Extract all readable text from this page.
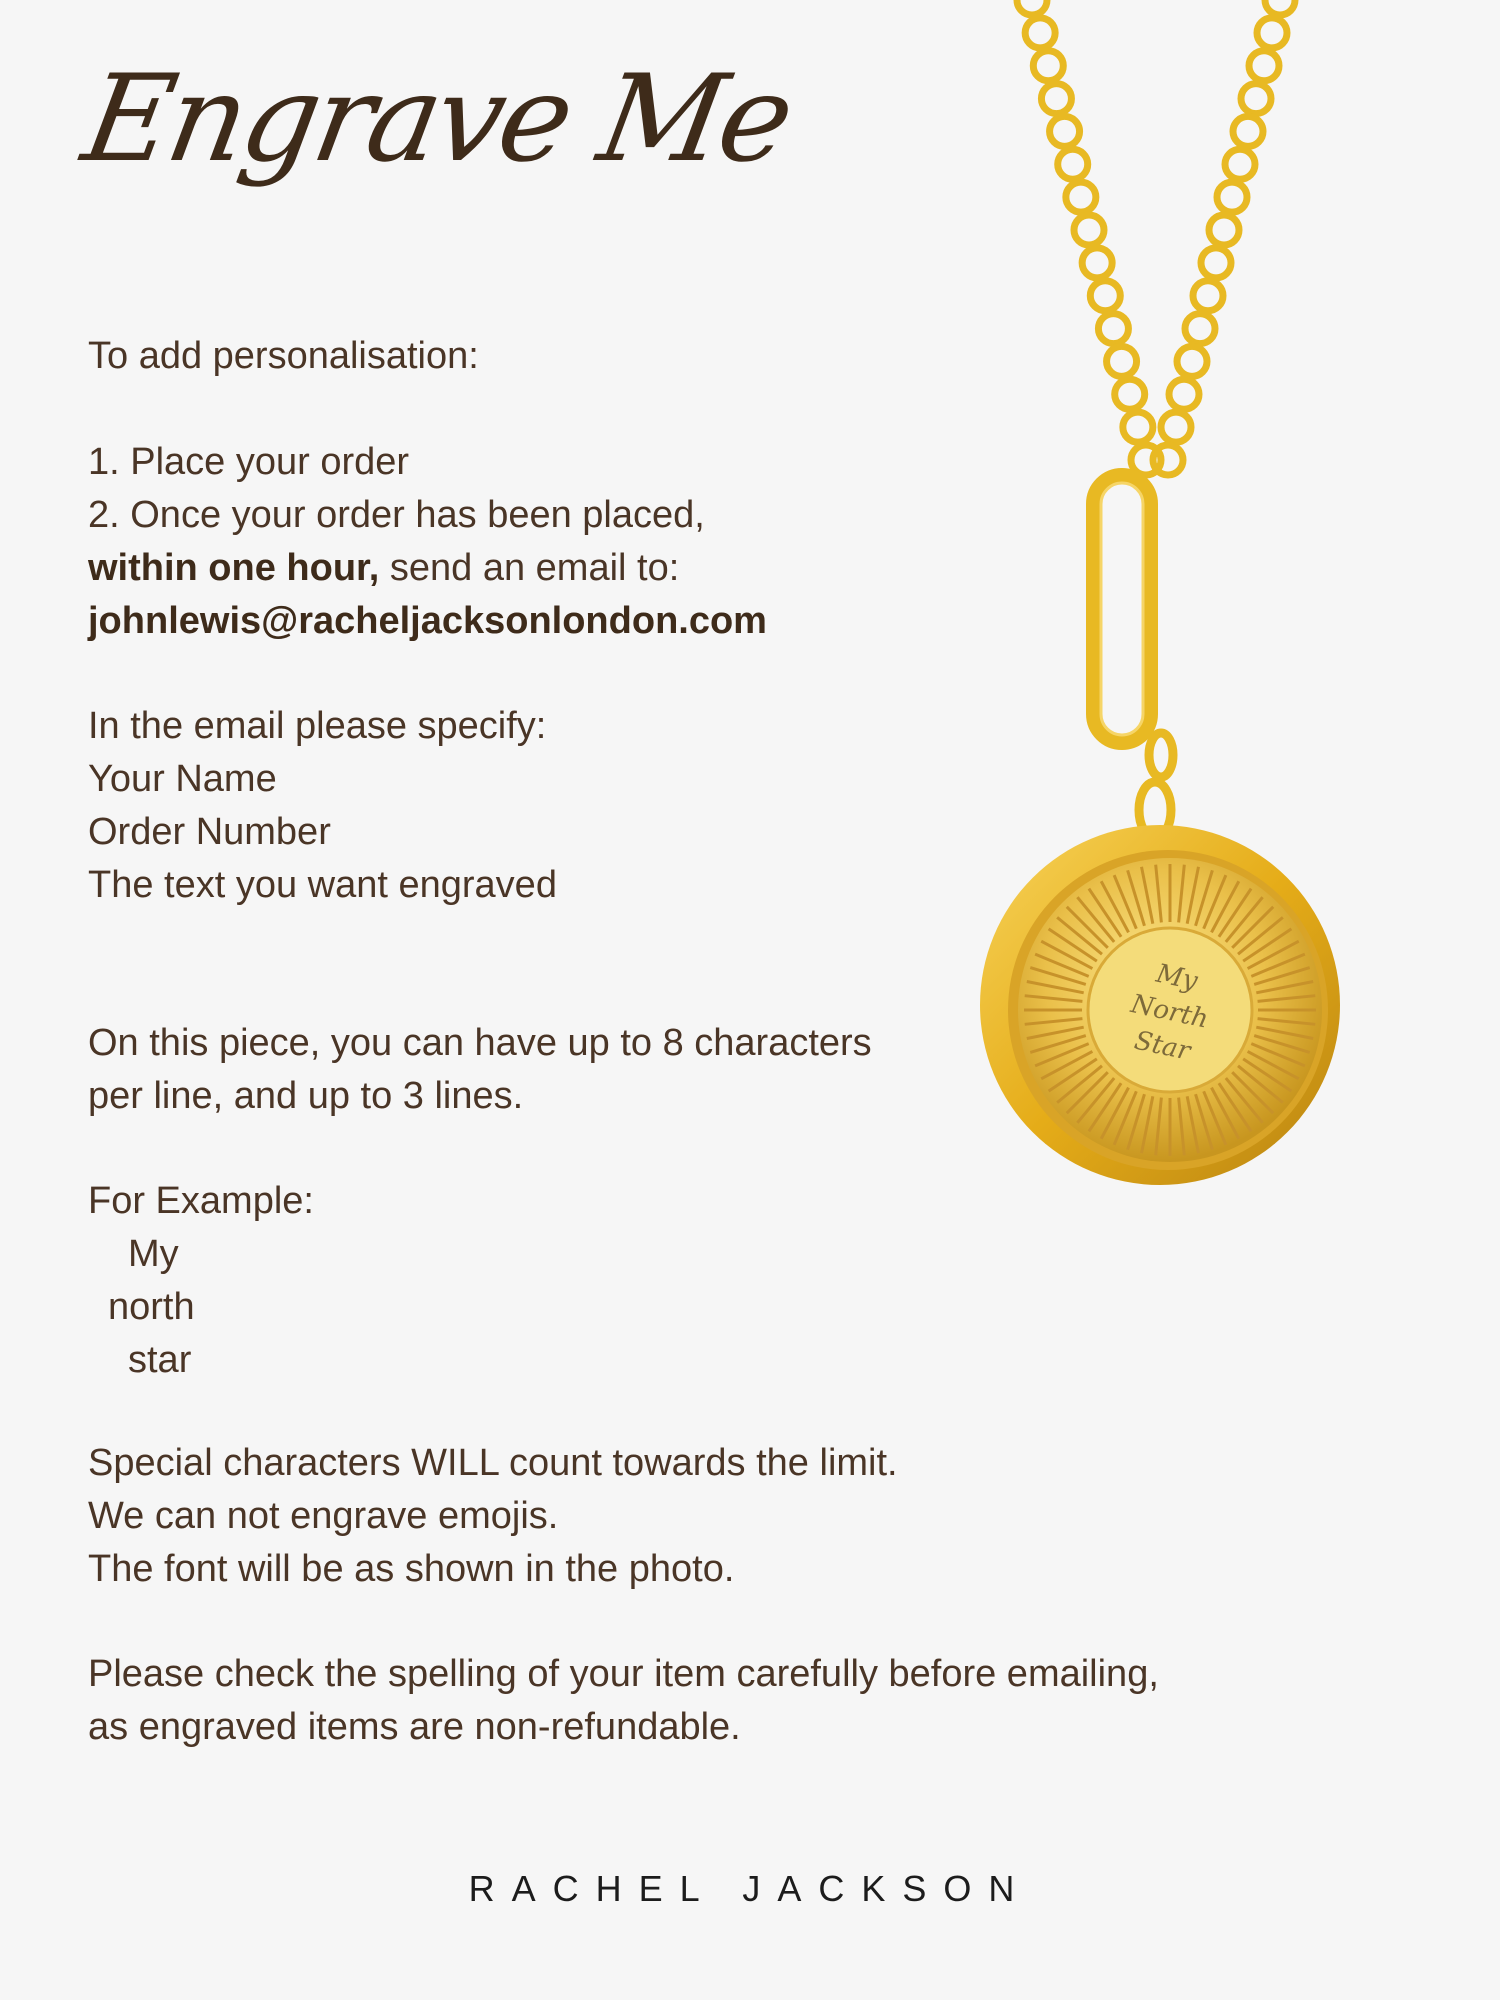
Engrave Me
To add personalisation:
1. Place your order
2. Once your order has been placed,
within one hour, send an email to:
johnlewis@racheljacksonlondon.com
In the email please specify:
Your Name
Order Number
The text you want engraved
On this piece, you can have up to 8 characters
per line, and up to 3 lines.
For Example:
My
north
star
Special characters WILL count towards the limit.
We can not engrave emojis.
The font will be as shown in the photo.
Please check the spelling of your item carefully before emailing,
as engraved items are non-refundable.
RACHEL JACKSON
My
North
Star
